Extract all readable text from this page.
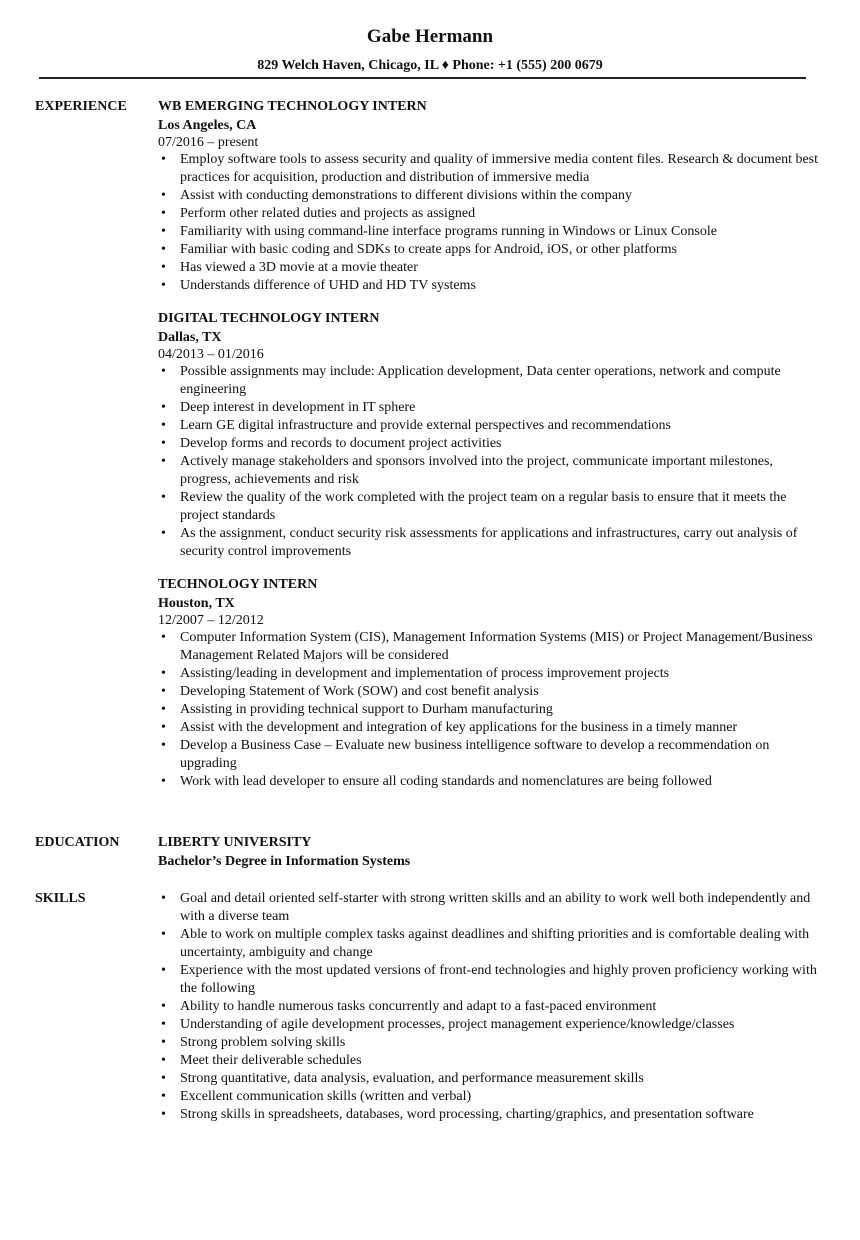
Gabe Hermann
829 Welch Haven, Chicago, IL ♦ Phone: +1 (555) 200 0679
EXPERIENCE WB EMERGING TECHNOLOGY INTERN
Los Angeles, CA
07/2016 – present
• Employ software tools to assess security and quality of immersive media content files. Research & document best practices for acquisition, production and distribution of immersive media
• Assist with conducting demonstrations to different divisions within the company
• Perform other related duties and projects as assigned
• Familiarity with using command-line interface programs running in Windows or Linux Console
• Familiar with basic coding and SDKs to create apps for Android, iOS, or other platforms
• Has viewed a 3D movie at a movie theater
• Understands difference of UHD and HD TV systems
DIGITAL TECHNOLOGY INTERN
Dallas, TX
04/2013 – 01/2016
• Possible assignments may include: Application development, Data center operations, network and compute engineering
• Deep interest in development in IT sphere
• Learn GE digital infrastructure and provide external perspectives and recommendations
• Develop forms and records to document project activities
• Actively manage stakeholders and sponsors involved into the project, communicate important milestones, progress, achievements and risk
• Review the quality of the work completed with the project team on a regular basis to ensure that it meets the project standards
• As the assignment, conduct security risk assessments for applications and infrastructures, carry out analysis of security control improvements
TECHNOLOGY INTERN
Houston, TX
12/2007 – 12/2012
• Computer Information System (CIS), Management Information Systems (MIS) or Project Management/Business Management Related Majors will be considered
• Assisting/leading in development and implementation of process improvement projects
• Developing Statement of Work (SOW) and cost benefit analysis
• Assisting in providing technical support to Durham manufacturing
• Assist with the development and integration of key applications for the business in a timely manner
• Develop a Business Case – Evaluate new business intelligence software to develop a recommendation on upgrading
• Work with lead developer to ensure all coding standards and nomenclatures are being followed
EDUCATION	LIBERTY UNIVERSITY
Bachelor’s Degree in Information Systems
SKILLS
•	Goal and detail oriented self-starter with strong written skills and an ability to work well both independently and with a diverse team
• Able to work on multiple complex tasks against deadlines and shifting priorities and is comfortable dealing with uncertainty, ambiguity and change
• Experience with the most updated versions of front-end technologies and highly proven proficiency working with the following
• Ability to handle numerous tasks concurrently and adapt to a fast-paced environment
• Understanding of agile development processes, project management experience/knowledge/classes
• Strong problem solving skills
• Meet their deliverable schedules
• Strong quantitative, data analysis, evaluation, and performance measurement skills
• Excellent communication skills (written and verbal)
• Strong skills in spreadsheets, databases, word processing, charting/graphics, and presentation software
